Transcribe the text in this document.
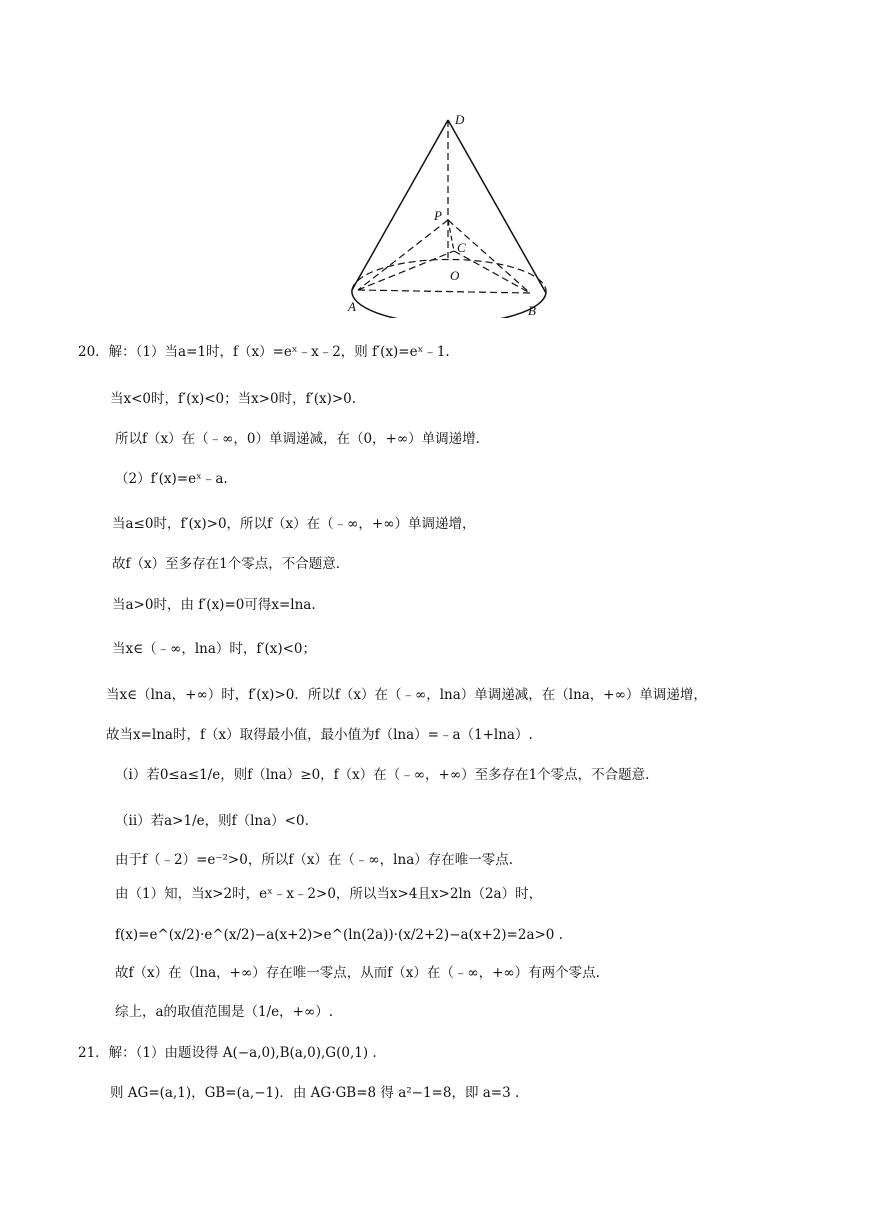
D
P
C
O
A	B
20．解：（1）当a=1时，f（x）=eˣ﹣x﹣2，则 f′(x)=eˣ﹣1.
当x<0时，f′(x)<0；当x>0时，f′(x)>0.
所以f（x）在（﹣∞，0）单调递减，在（0，+∞）单调递增.
（2）f′(x)=eˣ﹣a.
当a≤0时，f′(x)>0，所以f（x）在（﹣∞，+∞）单调递增，
故f（x）至多存在1个零点，不合题意.
当a>0时，由 f′(x)=0可得x=lna.
当x∈（﹣∞，lna）时，f′(x)<0；
当x∈（lna，+∞）时，f′(x)>0．所以f（x）在（﹣∞，lna）单调递减，在（lna，+∞）单调递增，
故当x=lna时，f（x）取得最小值，最小值为f（lna）=﹣a（1+lna）.
（i）若0≤a≤1/e，则f（lna）≥0，f（x）在（﹣∞，+∞）至多存在1个零点，不合题意.
（ii）若a>1/e，则f（lna）<0.
由于f（﹣2）=e⁻²>0，所以f（x）在（﹣∞，lna）存在唯一零点.
由（1）知，当x>2时，eˣ﹣x﹣2>0，所以当x>4且x>2ln（2a）时，
f(x)=e^(x/2)·e^(x/2)−a(x+2)>e^(ln(2a))·(x/2+2)−a(x+2)=2a>0 .
故f（x）在（lna，+∞）存在唯一零点，从而f（x）在（﹣∞，+∞）有两个零点.
综上，a的取值范围是（1/e，+∞）.
21．解：（1）由题设得 A(−a,0),B(a,0),G(0,1) .
则 AG=(a,1)，GB=(a,−1)．由 AG·GB=8 得 a²−1=8，即 a=3 .
